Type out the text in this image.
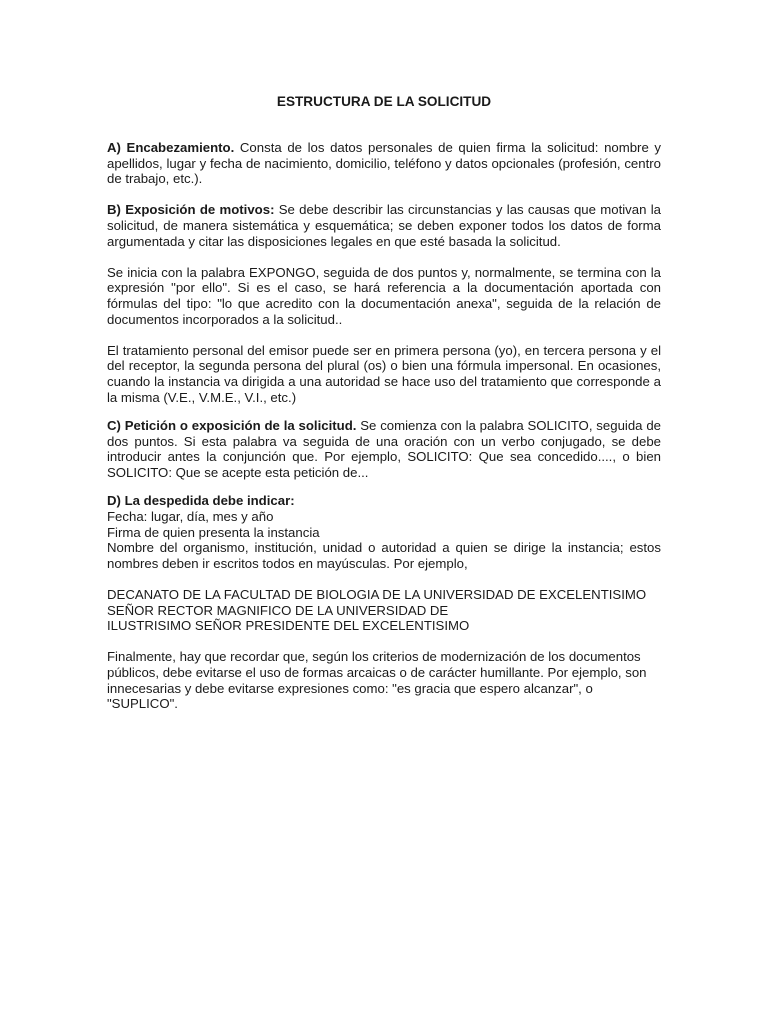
ESTRUCTURA DE LA SOLICITUD

A) Encabezamiento. Consta de los datos personales de quien firma la solicitud: nombre y apellidos, lugar y fecha de nacimiento, domicilio, teléfono y datos opcionales (profesión, centro de trabajo, etc.).

B) Exposición de motivos: Se debe describir las circunstancias y las causas que motivan la solicitud, de manera sistemática y esquemática; se deben exponer todos los datos de forma argumentada y citar las disposiciones legales en que esté basada la solicitud.

Se inicia con la palabra EXPONGO, seguida de dos puntos y, normalmente, se termina con la expresión "por ello". Si es el caso, se hará referencia a la documentación aportada con fórmulas del tipo: "lo que acredito con la documentación anexa", seguida de la relación de documentos incorporados a la solicitud..

El tratamiento personal del emisor puede ser en primera persona (yo), en tercera persona y el del receptor, la segunda persona del plural (os) o bien una fórmula impersonal. En ocasiones, cuando la instancia va dirigida a una autoridad se hace uso del tratamiento que corresponde a la misma (V.E., V.M.E., V.I., etc.)

C) Petición o exposición de la solicitud. Se comienza con la palabra SOLICITO, seguida de dos puntos. Si esta palabra va seguida de una oración con un verbo conjugado, se debe introducir antes la conjunción que. Por ejemplo, SOLICITO: Que sea concedido...., o bien SOLICITO: Que se acepte esta petición de...

D) La despedida debe indicar:
Fecha: lugar, día, mes y año
Firma de quien presenta la instancia

Nombre del organismo, institución, unidad o autoridad a quien se dirige la instancia; estos nombres deben ir escritos todos en mayúsculas. Por ejemplo,

DECANATO DE LA FACULTAD DE BIOLOGIA DE LA UNIVERSIDAD DE EXCELENTISIMO
SEÑOR RECTOR MAGNIFICO DE LA UNIVERSIDAD DE
ILUSTRISIMO SEÑOR PRESIDENTE DEL EXCELENTISIMO
Finalmente, hay que recordar que, según los criterios de modernización de los documentos
públicos, debe evitarse el uso de formas arcaicas o de carácter humillante. Por ejemplo, son
innecesarias y debe evitarse expresiones como: "es gracia que espero alcanzar", o
"SUPLICO".
